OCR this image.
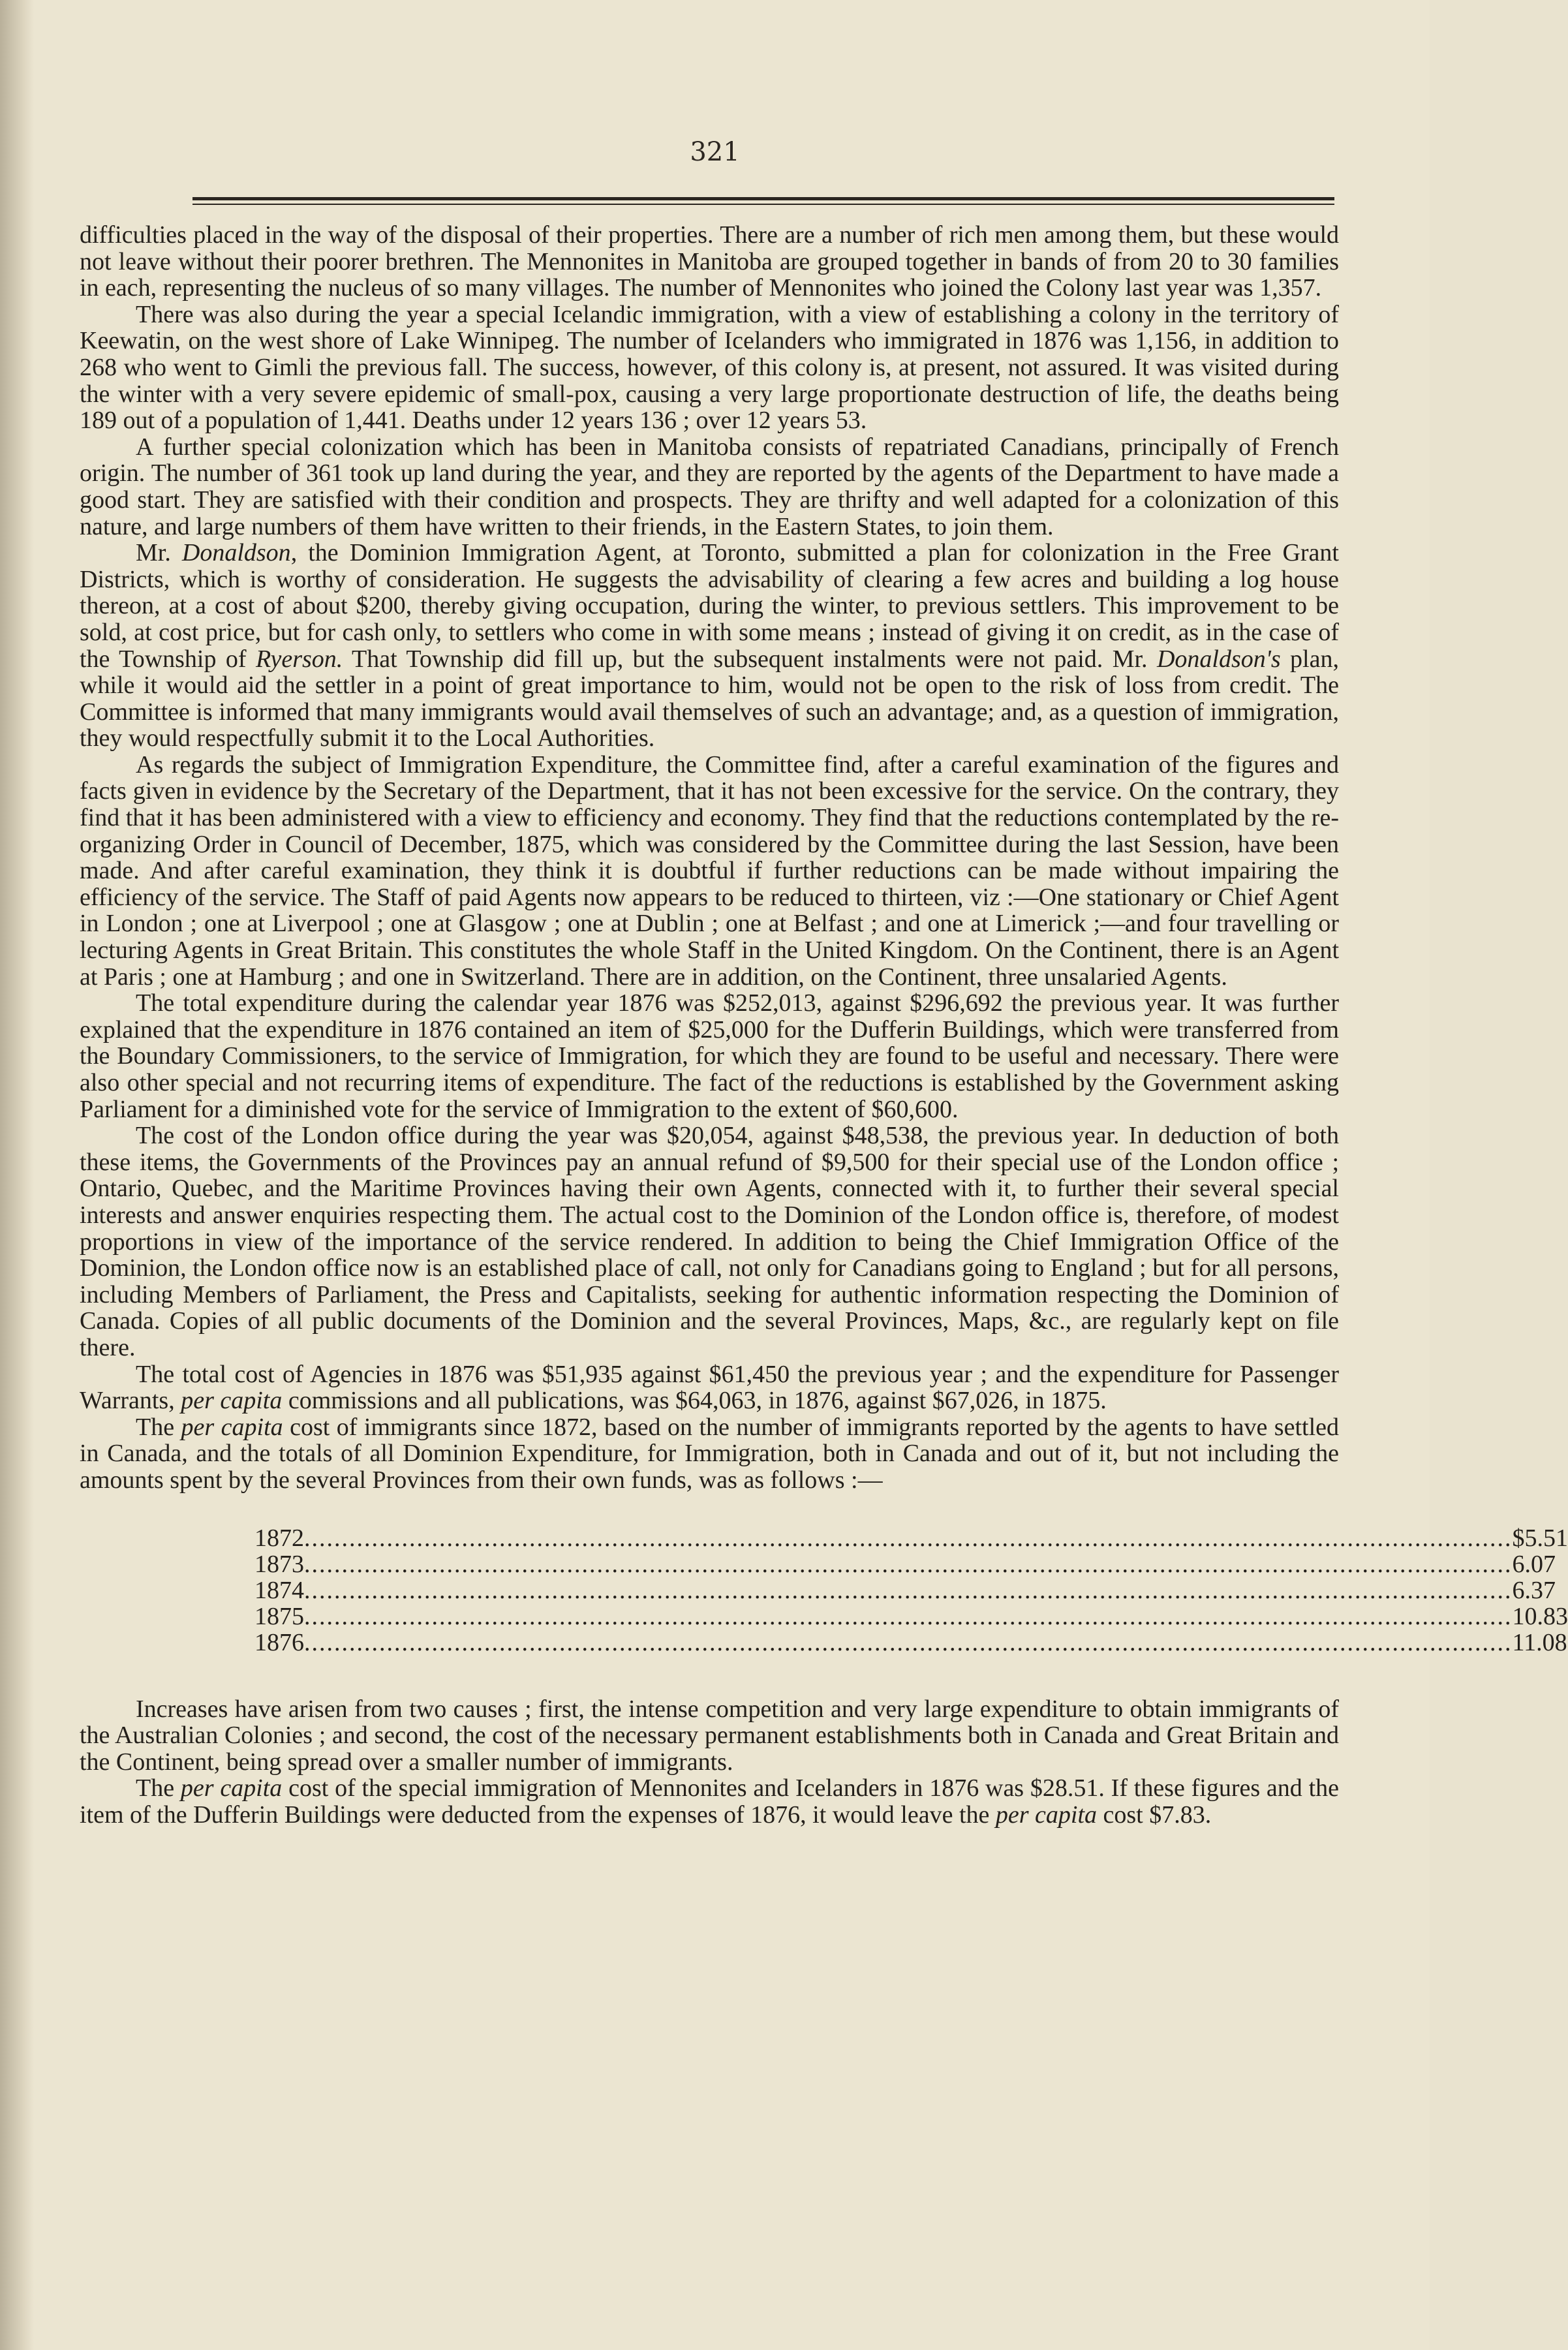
321

difficulties placed in the way of the disposal of their properties. There are a number of rich men among them, but these would not leave without their poorer brethren. The Mennonites in Manitoba are grouped together in bands of from 20 to 30 families in each, representing the nucleus of so many villages. The number of Mennonites who joined the Colony last year was 1,357.

There was also during the year a special Icelandic immigration, with a view of establishing a colony in the territory of Keewatin, on the west shore of Lake Winnipeg. The number of Icelanders who immigrated in 1876 was 1,156, in addition to 268 who went to Gimli the previous fall. The success, however, of this colony is, at present, not assured. It was visited during the winter with a very severe epidemic of small-pox, causing a very large proportionate destruction of life, the deaths being 189 out of a population of 1,441. Deaths under 12 years 136 ; over 12 years 53.

A further special colonization which has been in Manitoba consists of repatriated Canadians, principally of French origin. The number of 361 took up land during the year, and they are reported by the agents of the Department to have made a good start. They are satisfied with their condition and prospects. They are thrifty and well adapted for a colonization of this nature, and large numbers of them have written to their friends, in the Eastern States, to join them.

Mr. Donaldson, the Dominion Immigration Agent, at Toronto, submitted a plan for colonization in the Free Grant Districts, which is worthy of consideration. He suggests the advisability of clearing a few acres and building a log house thereon, at a cost of about $200, thereby giving occupation, during the winter, to previous settlers. This improvement to be sold, at cost price, but for cash only, to settlers who come in with some means ; instead of giving it on credit, as in the case of the Township of Ryerson. That Township did fill up, but the subsequent instalments were not paid. Mr. Donaldson's plan, while it would aid the settler in a point of great importance to him, would not be open to the risk of loss from credit. The Committee is informed that many immigrants would avail themselves of such an advantage; and, as a question of immigration, they would respectfully submit it to the Local Authorities.

As regards the subject of Immigration Expenditure, the Committee find, after a careful examination of the figures and facts given in evidence by the Secretary of the Department, that it has not been excessive for the service. On the contrary, they find that it has been administered with a view to efficiency and economy. They find that the reductions contemplated by the re-organizing Order in Council of December, 1875, which was considered by the Committee during the last Session, have been made. And after careful examination, they think it is doubtful if further reductions can be made without impairing the efficiency of the service. The Staff of paid Agents now appears to be reduced to thirteen, viz :—One stationary or Chief Agent in London ; one at Liverpool ; one at Glasgow ; one at Dublin ; one at Belfast ; and one at Limerick ;—and four travelling or lecturing Agents in Great Britain. This constitutes the whole Staff in the United Kingdom. On the Continent, there is an Agent at Paris ; one at Hamburg ; and one in Switzerland. There are in addition, on the Continent, three unsalaried Agents.

The total expenditure during the calendar year 1876 was $252,013, against $296,692 the previous year. It was further explained that the expenditure in 1876 contained an item of $25,000 for the Dufferin Buildings, which were transferred from the Boundary Commissioners, to the service of Immigration, for which they are found to be useful and necessary. There were also other special and not recurring items of expenditure. The fact of the reductions is established by the Government asking Parliament for a diminished vote for the service of Immigration to the extent of $60,600.

The cost of the London office during the year was $20,054, against $48,538, the previous year. In deduction of both these items, the Governments of the Provinces pay an annual refund of $9,500 for their special use of the London office ; Ontario, Quebec, and the Maritime Provinces having their own Agents, connected with it, to further their several special interests and answer enquiries respecting them. The actual cost to the Dominion of the London office is, therefore, of modest proportions in view of the importance of the service rendered. In addition to being the Chief Immigration Office of the Dominion, the London office now is an established place of call, not only for Canadians going to England ; but for all persons, including Members of Parliament, the Press and Capitalists, seeking for authentic information respecting the Dominion of Canada. Copies of all public documents of the Dominion and the several Provinces, Maps, &c., are regularly kept on file there.

The total cost of Agencies in 1876 was $51,935 against $61,450 the previous year ; and the expenditure for Passenger Warrants, per capita commissions and all publications, was $64,063, in 1876, against $67,026, in 1875.

The per capita cost of immigrants since 1872, based on the number of immigrants reported by the agents to have settled in Canada, and the totals of all Dominion Expenditure, for Immigration, both in Canada and out of it, but not including the amounts spent by the several Provinces from their own funds, was as follows :—

1872 ................................................................................................................................................................. $5.51
1873 ................................................................................................................................................................. 6.07
1874 ................................................................................................................................................................. 6.37
1875 ................................................................................................................................................................. 10.83
1876 ................................................................................................................................................................. 11.08

Increases have arisen from two causes ; first, the intense competition and very large expenditure to obtain immigrants of the Australian Colonies ; and second, the cost of the necessary permanent establishments both in Canada and Great Britain and the Continent, being spread over a smaller number of immigrants.

The per capita cost of the special immigration of Mennonites and Icelanders in 1876 was $28.51. If these figures and the item of the Dufferin Buildings were deducted from the expenses of 1876, it would leave the per capita cost $7.83.
